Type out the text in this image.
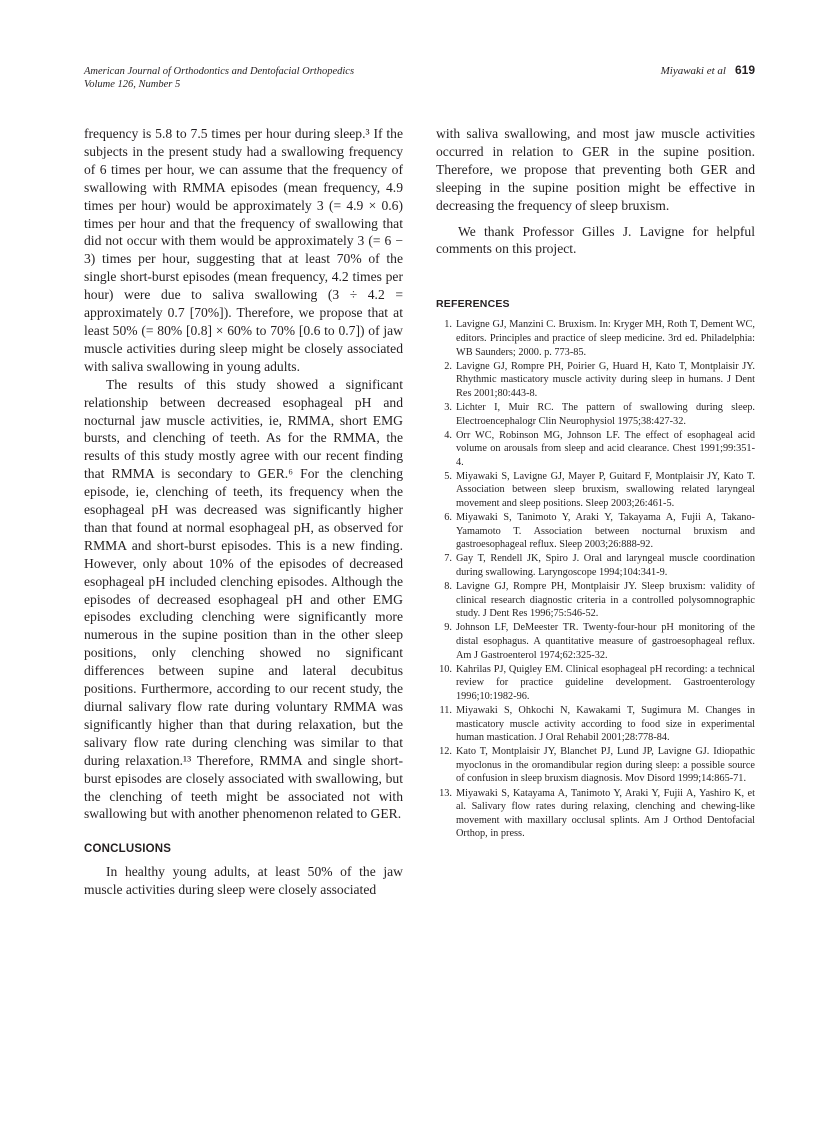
American Journal of Orthodontics and Dentofacial Orthopedics
Volume 126, Number 5
Miyawaki et al 619

frequency is 5.8 to 7.5 times per hour during sleep.³ If the subjects in the present study had a swallowing frequency of 6 times per hour, we can assume that the frequency of swallowing with RMMA episodes (mean frequency, 4.9 times per hour) would be approximately 3 (= 4.9 × 0.6) times per hour and that the frequency of swallowing that did not occur with them would be approximately 3 (= 6 − 3) times per hour, suggesting that at least 70% of the single short-burst episodes (mean frequency, 4.2 times per hour) were due to saliva swallowing (3 ÷ 4.2 = approximately 0.7 [70%]). Therefore, we propose that at least 50% (= 80% [0.8] × 60% to 70% [0.6 to 0.7]) of jaw muscle activities during sleep might be closely associated with saliva swallowing in young adults.

The results of this study showed a significant relationship between decreased esophageal pH and nocturnal jaw muscle activities, ie, RMMA, short EMG bursts, and clenching of teeth. As for the RMMA, the results of this study mostly agree with our recent finding that RMMA is secondary to GER.⁶ For the clenching episode, ie, clenching of teeth, its frequency when the esophageal pH was decreased was significantly higher than that found at normal esophageal pH, as observed for RMMA and short-burst episodes. This is a new finding. However, only about 10% of the episodes of decreased esophageal pH included clenching episodes. Although the episodes of decreased esophageal pH and other EMG episodes excluding clenching were significantly more numerous in the supine position than in the other sleep positions, only clenching showed no significant differences between supine and lateral decubitus positions. Furthermore, according to our recent study, the diurnal salivary flow rate during voluntary RMMA was significantly higher than that during relaxation, but the salivary flow rate during clenching was similar to that during relaxation.¹³ Therefore, RMMA and single short-burst episodes are closely associated with swallowing, but the clenching of teeth might be associated not with swallowing but with another phenomenon related to GER.

CONCLUSIONS

In healthy young adults, at least 50% of the jaw muscle activities during sleep were closely associated

with saliva swallowing, and most jaw muscle activities occurred in relation to GER in the supine position. Therefore, we propose that preventing both GER and sleeping in the supine position might be effective in decreasing the frequency of sleep bruxism.

We thank Professor Gilles J. Lavigne for helpful comments on this project.

REFERENCES
1. Lavigne GJ, Manzini C. Bruxism. In: Kryger MH, Roth T, Dement WC, editors. Principles and practice of sleep medicine. 3rd ed. Philadelphia: WB Saunders; 2000. p. 773-85.
2. Lavigne GJ, Rompre PH, Poirier G, Huard H, Kato T, Montplaisir JY. Rhythmic masticatory muscle activity during sleep in humans. J Dent Res 2001;80:443-8.
3. Lichter I, Muir RC. The pattern of swallowing during sleep. Electroencephalogr Clin Neurophysiol 1975;38:427-32.
4. Orr WC, Robinson MG, Johnson LF. The effect of esophageal acid volume on arousals from sleep and acid clearance. Chest 1991;99:351-4.
5. Miyawaki S, Lavigne GJ, Mayer P, Guitard F, Montplaisir JY, Kato T. Association between sleep bruxism, swallowing related laryngeal movement and sleep positions. Sleep 2003;26:461-5.
6. Miyawaki S, Tanimoto Y, Araki Y, Takayama A, Fujii A, Takano-Yamamoto T. Association between nocturnal bruxism and gastroesophageal reflux. Sleep 2003;26:888-92.
7. Gay T, Rendell JK, Spiro J. Oral and laryngeal muscle coordination during swallowing. Laryngoscope 1994;104:341-9.
8. Lavigne GJ, Rompre PH, Montplaisir JY. Sleep bruxism: validity of clinical research diagnostic criteria in a controlled polysomnographic study. J Dent Res 1996;75:546-52.
9. Johnson LF, DeMeester TR. Twenty-four-hour pH monitoring of the distal esophagus. A quantitative measure of gastroesophageal reflux. Am J Gastroenterol 1974;62:325-32.
10. Kahrilas PJ, Quigley EM. Clinical esophageal pH recording: a technical review for practice guideline development. Gastroenterology 1996;10:1982-96.
11. Miyawaki S, Ohkochi N, Kawakami T, Sugimura M. Changes in masticatory muscle activity according to food size in experimental human mastication. J Oral Rehabil 2001;28:778-84.
12. Kato T, Montplaisir JY, Blanchet PJ, Lund JP, Lavigne GJ. Idiopathic myoclonus in the oromandibular region during sleep: a possible source of confusion in sleep bruxism diagnosis. Mov Disord 1999;14:865-71.
13. Miyawaki S, Katayama A, Tanimoto Y, Araki Y, Fujii A, Yashiro K, et al. Salivary flow rates during relaxing, clenching and chewing-like movement with maxillary occlusal splints. Am J Orthod Dentofacial Orthop, in press.
